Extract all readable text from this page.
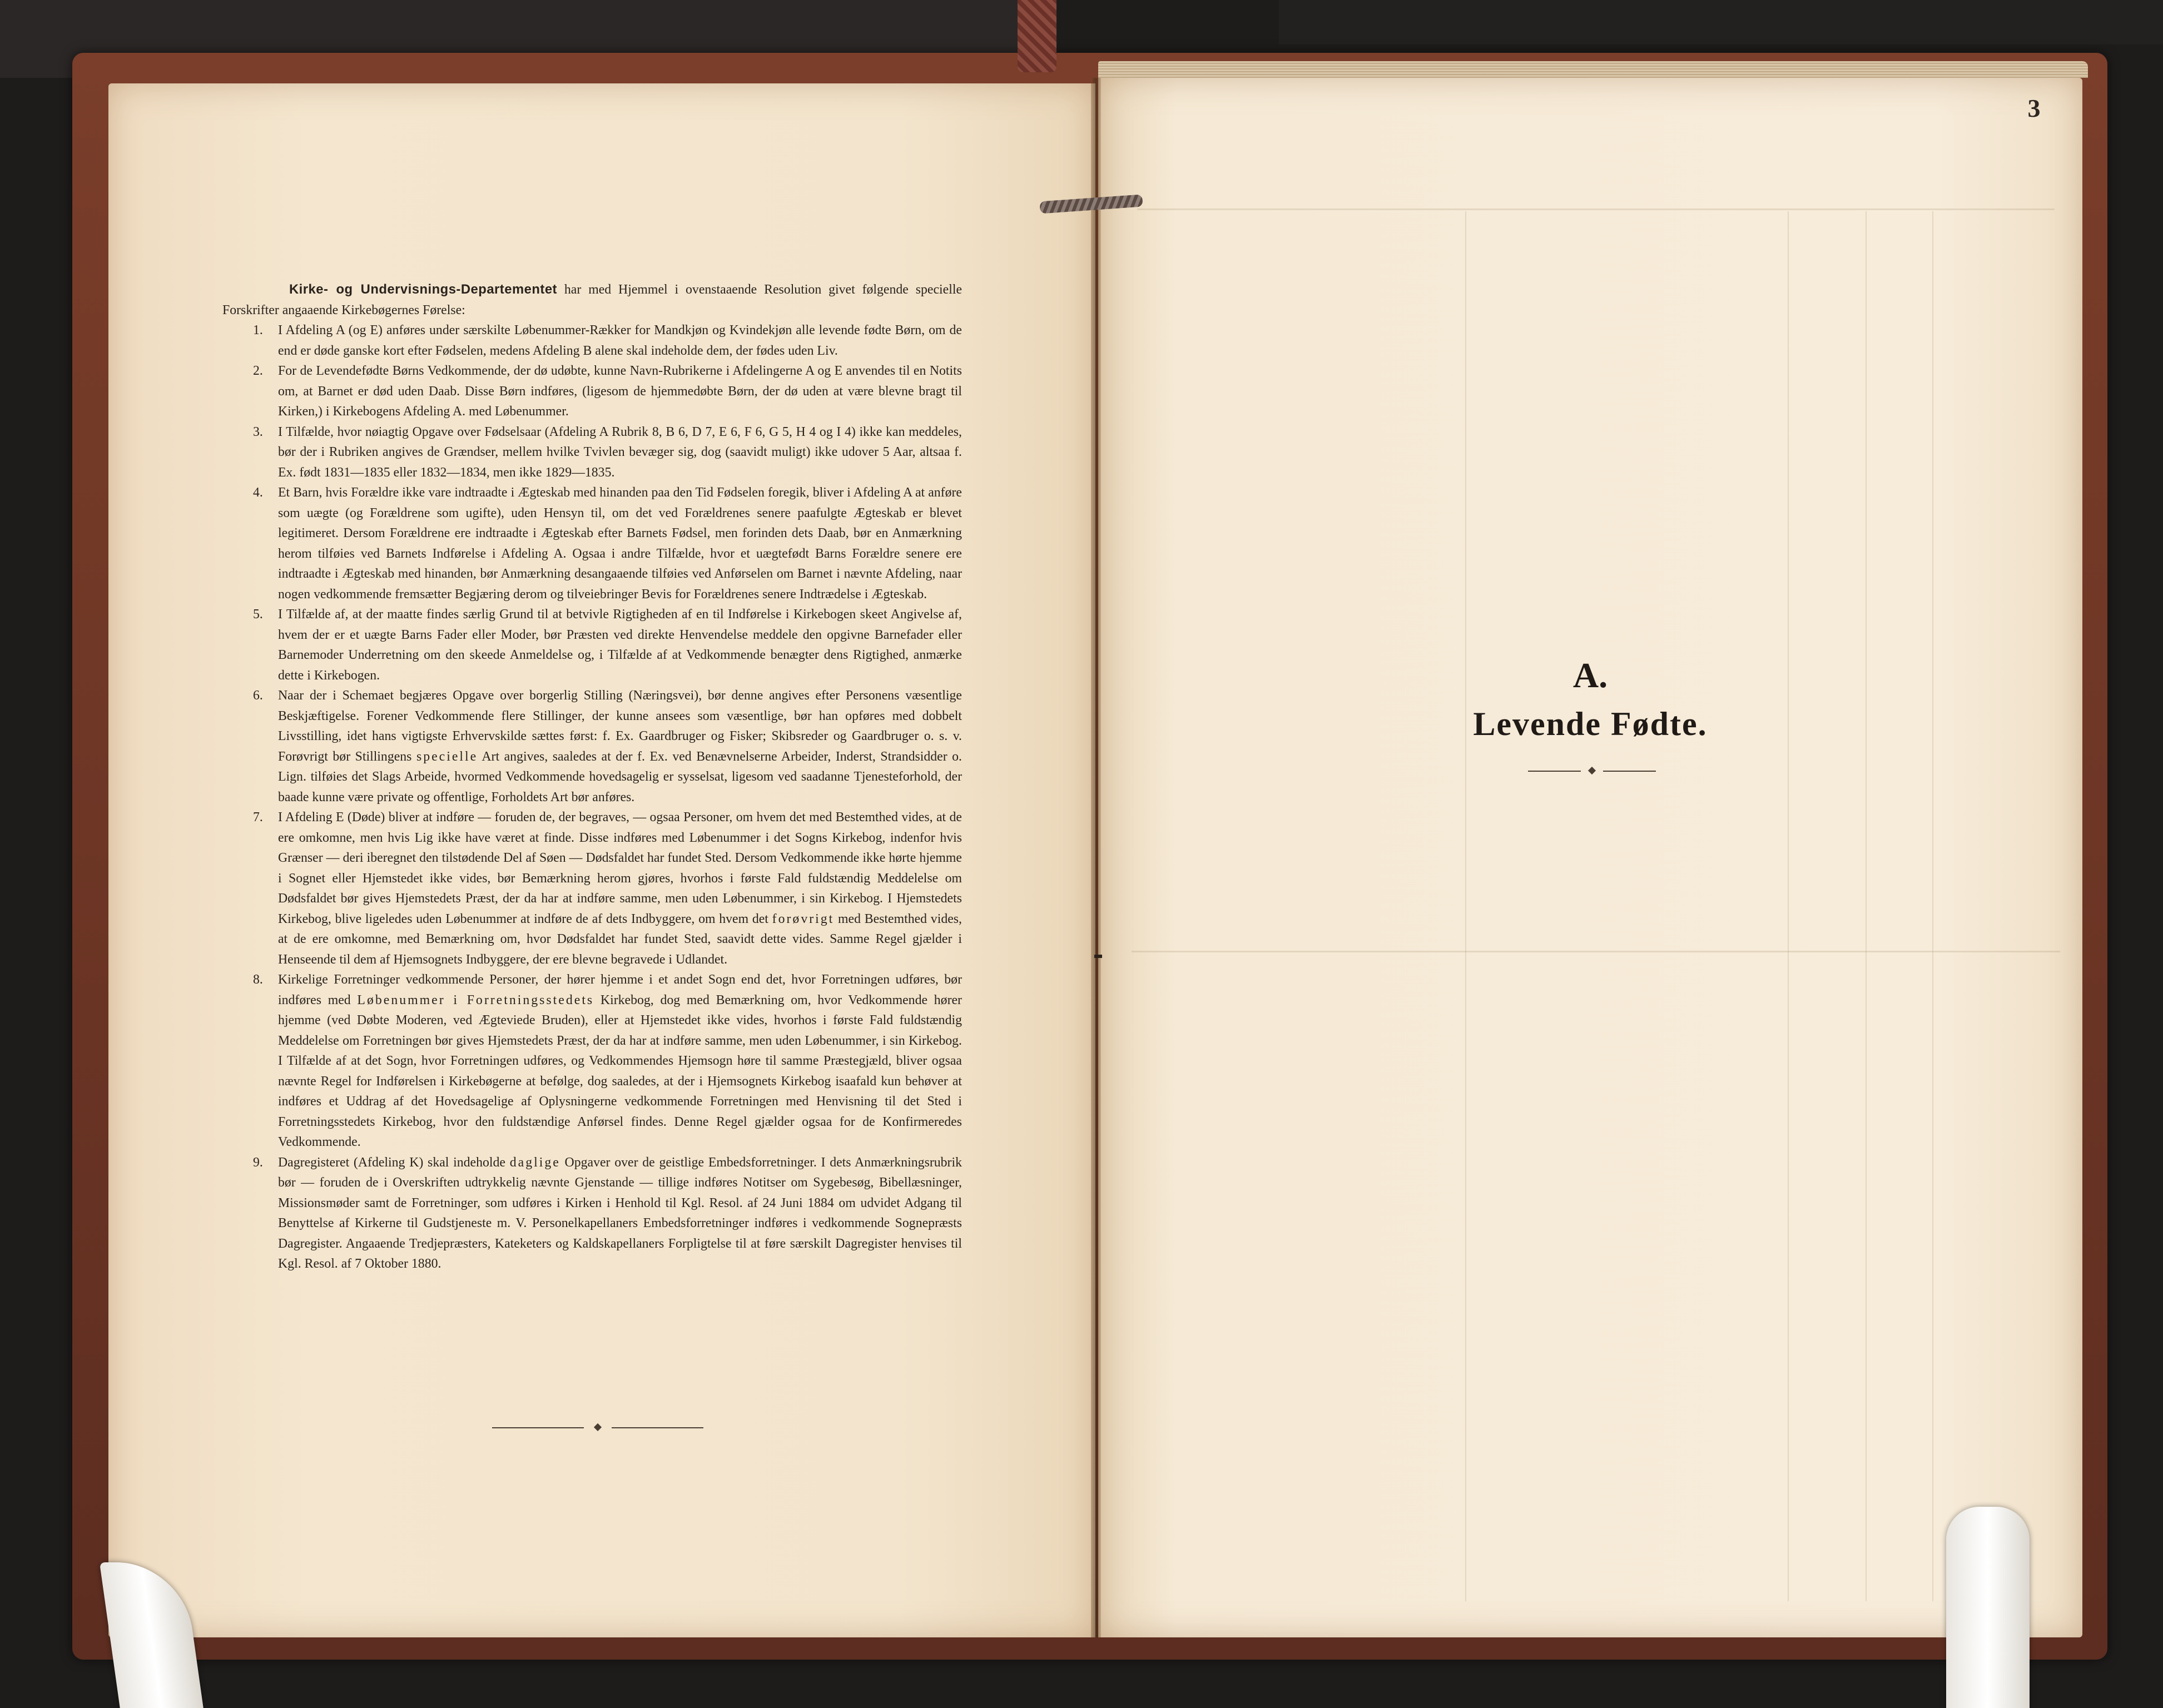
3

Kirke- og Undervisnings-Departementet har med Hjemmel i ovenstaaende Resolution givet følgende specielle Forskrifter angaaende Kirkebøgernes Førelse:

1. I Afdeling A (og E) anføres under særskilte Løbenummer-Rækker for Mandkjøn og Kvindekjøn alle levende fødte Børn, om de end er døde ganske kort efter Fødselen, medens Afdeling B alene skal indeholde dem, der fødes uden Liv.
2. For de Levendefødte Børns Vedkommende, der dø udøbte, kunne Navn-Rubrikerne i Afdelingerne A og E anvendes til en Notits om, at Barnet er død uden Daab. Disse Børn indføres, (ligesom de hjemmedøbte Børn, der dø uden at være blevne bragt til Kirken,) i Kirkebogens Afdeling A. med Løbenummer.
3. I Tilfælde, hvor nøiagtig Opgave over Fødselsaar (Afdeling A Rubrik 8, B 6, D 7, E 6, F 6, G 5, H 4 og I 4) ikke kan meddeles, bør der i Rubriken angives de Grændser, mellem hvilke Tvivlen bevæger sig, dog (saavidt muligt) ikke udover 5 Aar, altsaa f. Ex. født 1831—1835 eller 1832—1834, men ikke 1829—1835.
4. Et Barn, hvis Forældre ikke vare indtraadte i Ægteskab med hinanden paa den Tid Fødselen foregik, bliver i Afdeling A at anføre som uægte (og Forældrene som ugifte), uden Hensyn til, om det ved Forældrenes senere paafulgte Ægteskab er blevet legitimeret. Dersom Forældrene ere indtraadte i Ægteskab efter Barnets Fødsel, men forinden dets Daab, bør en Anmærkning herom tilføies ved Barnets Indførelse i Afdeling A. Ogsaa i andre Tilfælde, hvor et uægtefødt Barns Forældre senere ere indtraadte i Ægteskab med hinanden, bør Anmærkning desangaaende tilføies ved Anførselen om Barnet i nævnte Afdeling, naar nogen vedkommende fremsætter Begjæring derom og tilveiebringer Bevis for Forældrenes senere Indtrædelse i Ægteskab.
5. I Tilfælde af, at der maatte findes særlig Grund til at betvivle Rigtigheden af en til Indførelse i Kirkebogen skeet Angivelse af, hvem der er et uægte Barns Fader eller Moder, bør Præsten ved direkte Henvendelse meddele den opgivne Barnefader eller Barnemoder Underretning om den skeede Anmeldelse og, i Tilfælde af at Vedkommende benægter dens Rigtighed, anmærke dette i Kirkebogen.
6. Naar der i Schemaet begjæres Opgave over borgerlig Stilling (Næringsvei), bør denne angives efter Personens væsentlige Beskjæftigelse. Forener Vedkommende flere Stillinger, der kunne ansees som væsentlige, bør han opføres med dobbelt Livsstilling, idet hans vigtigste Erhvervskilde sættes først: f. Ex. Gaardbruger og Fisker; Skibsreder og Gaardbruger o. s. v. Forøvrigt bør Stillingens specielle Art angives, saaledes at der f. Ex. ved Benævnelserne Arbeider, Inderst, Strandsidder o. Lign. tilføies det Slags Arbeide, hvormed Vedkommende hovedsagelig er sysselsat, ligesom ved saadanne Tjenesteforhold, der baade kunne være private og offentlige, Forholdets Art bør anføres.
7. I Afdeling E (Døde) bliver at indføre — foruden de, der begraves, — ogsaa Personer, om hvem det med Bestemthed vides, at de ere omkomne, men hvis Lig ikke have været at finde. Disse indføres med Løbenummer i det Sogns Kirkebog, indenfor hvis Grænser — deri iberegnet den tilstødende Del af Søen — Dødsfaldet har fundet Sted. Dersom Vedkommende ikke hørte hjemme i Sognet eller Hjemstedet ikke vides, bør Bemærkning herom gjøres, hvorhos i første Fald fuldstændig Meddelelse om Dødsfaldet bør gives Hjemstedets Præst, der da har at indføre samme, men uden Løbenummer, i sin Kirkebog. I Hjemstedets Kirkebog, blive ligeledes uden Løbenummer at indføre de af dets Indbyggere, om hvem det forøvrigt med Bestemthed vides, at de ere omkomne, med Bemærkning om, hvor Dødsfaldet har fundet Sted, saavidt dette vides. Samme Regel gjælder i Henseende til dem af Hjemsognets Indbyggere, der ere blevne begravede i Udlandet.
8. Kirkelige Forretninger vedkommende Personer, der hører hjemme i et andet Sogn end det, hvor Forretningen udføres, bør indføres med Løbenummer i Forretningsstedets Kirkebog, dog med Bemærkning om, hvor Vedkommende hører hjemme (ved Døbte Moderen, ved Ægteviede Bruden), eller at Hjemstedet ikke vides, hvorhos i første Fald fuldstændig Meddelelse om Forretningen bør gives Hjemstedets Præst, der da har at indføre samme, men uden Løbenummer, i sin Kirkebog. I Tilfælde af at det Sogn, hvor Forretningen udføres, og Vedkommendes Hjemsogn høre til samme Præstegjæld, bliver ogsaa nævnte Regel for Indførelsen i Kirkebøgerne at befølge, dog saaledes, at der i Hjemsognets Kirkebog isaafald kun behøver at indføres et Uddrag af det Hovedsagelige af Oplysningerne vedkommende Forretningen med Henvisning til det Sted i Forretningsstedets Kirkebog, hvor den fuldstændige Anførsel findes. Denne Regel gjælder ogsaa for de Konfirmeredes Vedkommende.
9. Dagregisteret (Afdeling K) skal indeholde daglige Opgaver over de geistlige Embedsforretninger. I dets Anmærkningsrubrik bør — foruden de i Overskriften udtrykkelig nævnte Gjenstande — tillige indføres Notitser om Sygebesøg, Bibellæsninger, Missionsmøder samt de Forretninger, som udføres i Kirken i Henhold til Kgl. Resol. af 24 Juni 1884 om udvidet Adgang til Benyttelse af Kirkerne til Gudstjeneste m. V. Personelkapellaners Embedsforretninger indføres i vedkommende Sognepræsts Dagregister. Angaaende Tredjepræsters, Kateketers og Kaldskapellaners Forpligtelse til at føre særskilt Dagregister henvises til Kgl. Resol. af 7 Oktober 1880.
A.
Levende Fødte.
